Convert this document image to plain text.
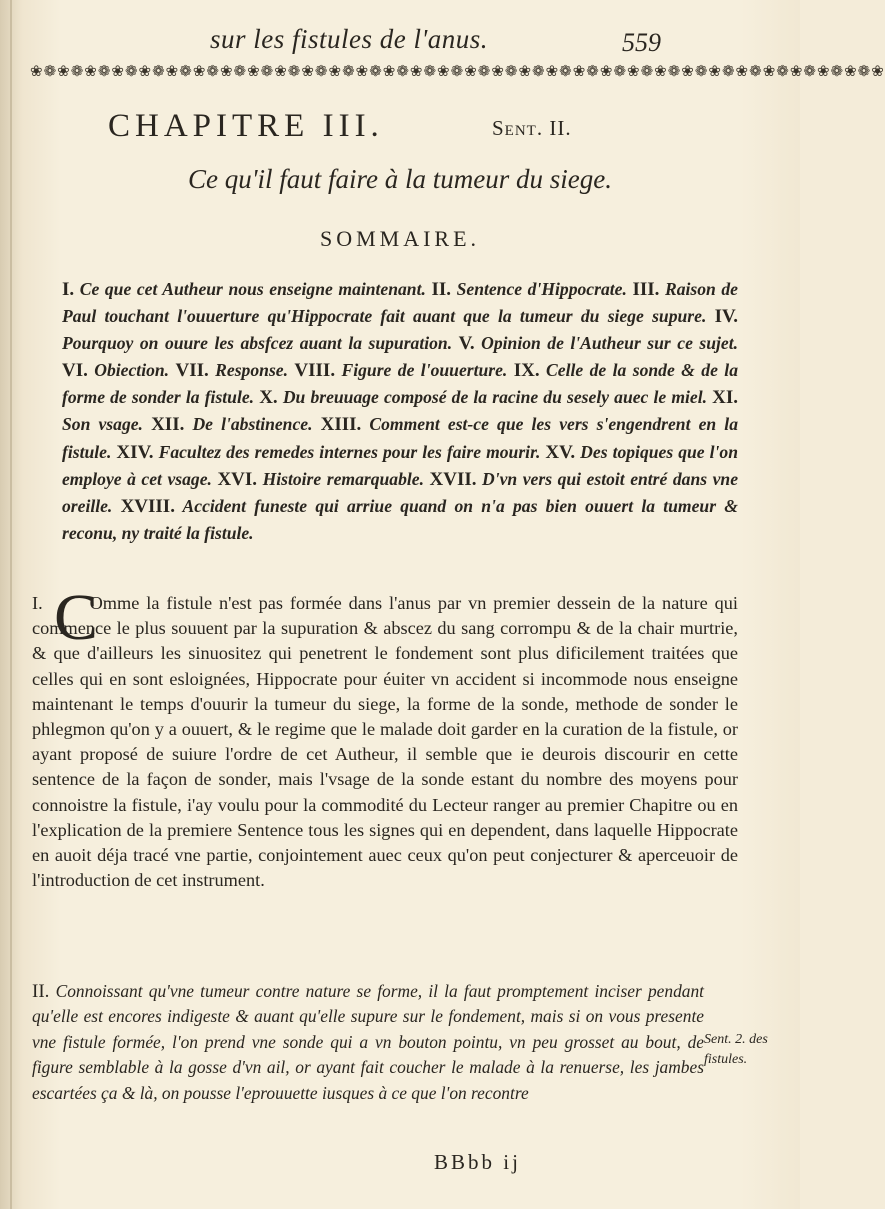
sur les fistules de l'anus.	559
❀❁❀❁❀❁❀❁❀❁❀❁❀❁❀❁❀❁❀❁❀❁❀❁❀❁❀❁❀❁❀❁❀❁❀❁❀❁❀❁❀❁❀❁❀❁❀❁❀❁❀❁❀❁❀❁❀❁❀❁❀❁❀
CHAPITRE III.	Sent. II.
Ce qu'il faut faire à la tumeur du siege.
SOMMAIRE.
I. Ce que cet Autheur nous enseigne maintenant. II. Sentence d'Hippocrate. III. Raison de Paul touchant l'ouuerture qu'Hippocrate fait auant que la tumeur du siege supure. IV. Pourquoy on ouure les absfcez auant la supuration. V. Opinion de l'Autheur sur ce sujet. VI. Obiection. VII. Response. VIII. Figure de l'ouuerture. IX. Celle de la sonde & de la forme de sonder la fistule. X. Du breuuage composé de la racine du sesely auec le miel. XI. Son vsage. XII. De l'abstinence. XIII. Comment est-ce que les vers s'engendrent en la fistule. XIV. Facultez des remedes internes pour les faire mourir. XV. Des topiques que l'on employe à cet vsage. XVI. Histoire remarquable. XVII. D'vn vers qui estoit entré dans vne oreille. XVIII. Accident funeste qui arriue quand on n'a pas bien ouuert la tumeur & reconu, ny traité la fistule.
C
I.	Omme la fistule n'est pas formée dans l'anus par vn premier dessein de la nature qui commence le plus souuent par la supuration & abscez du sang corrompu & de la chair murtrie, & que d'ailleurs les sinuositez qui penetrent le fondement sont plus dificilement traitées que celles qui en sont esloignées, Hippocrate pour éuiter vn accident si incommode nous enseigne maintenant le temps d'ouurir la tumeur du siege, la forme de la sonde, methode de sonder le phlegmon qu'on y a ouuert, & le regime que le malade doit garder en la curation de la fistule, or ayant proposé de suiure l'ordre de cet Autheur, il semble que ie deurois discourir en cette sentence de la façon de sonder, mais l'vsage de la sonde estant du nombre des moyens pour connoistre la fistule, i'ay voulu pour la commodité du Lecteur ranger au premier Chapitre ou en l'explication de la premiere Sentence tous les signes qui en dependent, dans laquelle Hippocrate en auoit déja tracé vne partie, conjointement auec ceux qu'on peut conjecturer & aperceuoir de l'introduction de cet instrument.
II. Connoissant qu'vne tumeur contre nature se forme, il la faut promptement inciser pendant qu'elle est encores indigeste & auant qu'elle supure sur le fondement, mais si on vous presente vne fistule formée, l'on prend vne sonde qui a vn bouton pointu, vn peu grosset au bout, de figure semblable à la gosse d'vn ail, or ayant fait coucher le malade à la renuerse, les jambes escartées ça & là, on pousse l'eprouuette iusques à ce que l'on recontre
Sent. 2. des
fistules.
BBbb ij
